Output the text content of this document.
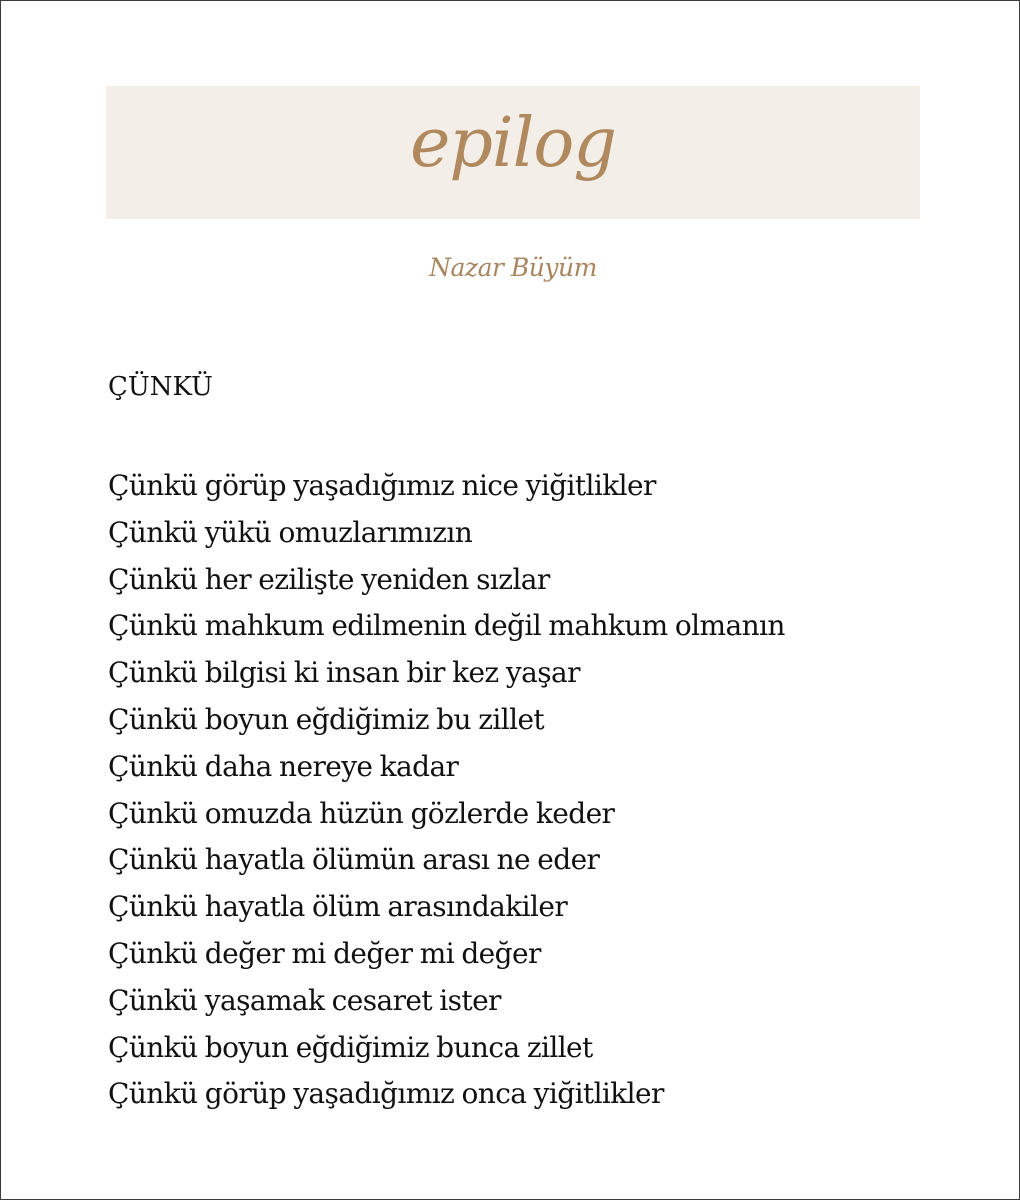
epilog
Nazar Büyüm
ÇÜNKÜ
Çünkü görüp yaşadığımız nice yiğitlikler
Çünkü yükü omuzlarımızın
Çünkü her ezilişte yeniden sızlar
Çünkü mahkum edilmenin değil mahkum olmanın
Çünkü bilgisi ki insan bir kez yaşar
Çünkü boyun eğdiğimiz bu zillet
Çünkü daha nereye kadar
Çünkü omuzda hüzün gözlerde keder
Çünkü hayatla ölümün arası ne eder
Çünkü hayatla ölüm arasındakiler
Çünkü değer mi değer mi değer
Çünkü yaşamak cesaret ister
Çünkü boyun eğdiğimiz bunca zillet
Çünkü görüp yaşadığımız onca yiğitlikler
